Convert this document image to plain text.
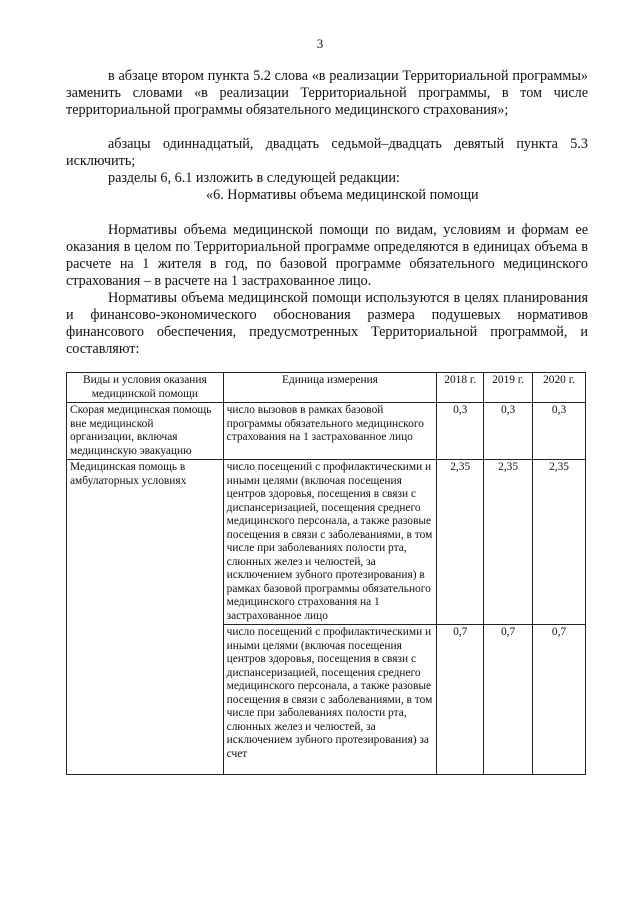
3
в абзаце втором пункта 5.2 слова «в реализации Территориальной программы» заменить словами «в реализации Территориальной программы, в том числе территориальной программы обязательного медицинского страхования»;
абзацы одиннадцатый, двадцать седьмой–двадцать девятый пункта 5.3 исключить;
разделы 6, 6.1 изложить в следующей редакции:
«6. Нормативы объема медицинской помощи
Нормативы объема медицинской помощи по видам, условиям и формам ее оказания в целом по Территориальной программе определяются в единицах объема в расчете на 1 жителя в год, по базовой программе обязательного медицинского страхования – в расчете на 1 застрахованное лицо.
Нормативы объема медицинской помощи используются в целях планирования и финансово-экономического обоснования размера подушевых нормативов финансового обеспечения, предусмотренных Территориальной программой, и составляют:
Виды и условия оказания медицинской помощи	Единица измерения	2018 г.	2019 г.	2020 г.
Скорая медицинская помощь вне медицинской организации, включая медицинскую эвакуацию	число вызовов в рамках базовой программы обязательного медицинского страхования на 1 застрахованное лицо	0,3	0,3	0,3
Медицинская помощь в амбулаторных условиях	число посещений с профилактическими и иными целями (включая посещения центров здоровья, посещения в связи с диспансеризацией, посещения среднего медицинского персонала, а также разовые посещения в связи с заболеваниями, в том числе при заболеваниях полости рта, слюнных желез и челюстей, за исключением зубного протезирования) в рамках базовой программы обязательного медицинского страхования на 1 застрахованное лицо	2,35	2,35	2,35
	число посещений с профилактическими и иными целями (включая посещения центров здоровья, посещения в связи с диспансеризацией, посещения среднего медицинского персонала, а также разовые посещения в связи с заболеваниями, в том числе при заболеваниях полости рта, слюнных желез и челюстей, за исключением зубного протезирования) за счет	0,7	0,7	0,7
